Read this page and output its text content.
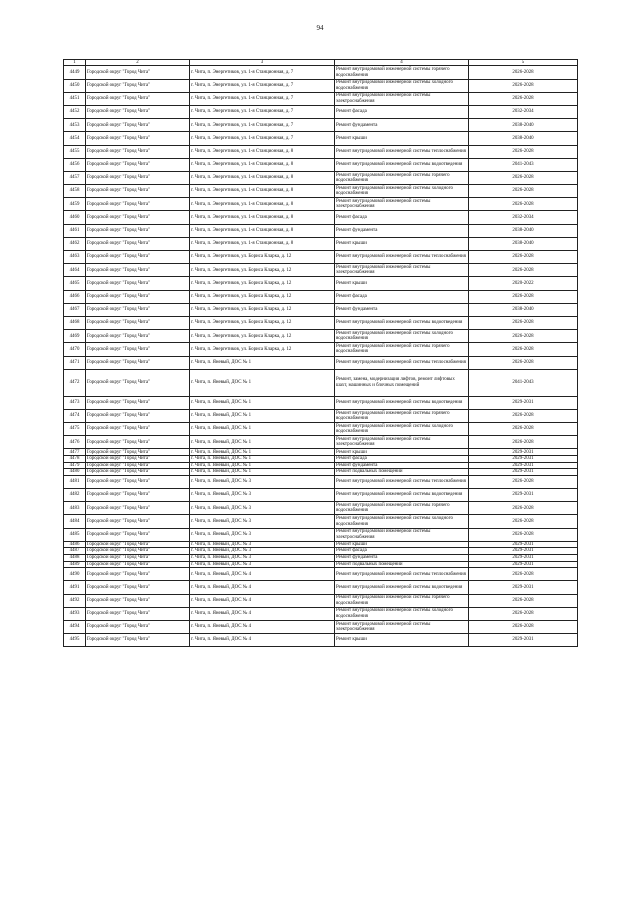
94
1	2	3	4	5
4449	Городской округ "Город Чита"	г. Чита, п. Энергетиков, ул. 1-я Станционная, д. 7	Ремонт внутридомовой инженерной системы горячего водоснабжения	2026-2028
4450	Городской округ "Город Чита"	г. Чита, п. Энергетиков, ул. 1-я Станционная, д. 7	Ремонт внутридомовой инженерной системы холодного водоснабжения	2026-2028
4451	Городской округ "Город Чита"	г. Чита, п. Энергетиков, ул. 1-я Станционная, д. 7	Ремонт внутридомовой инженерной системы электроснабжения	2026-2028
4452	Городской округ "Город Чита"	г. Чита, п. Энергетиков, ул. 1-я Станционная, д. 7	Ремонт фасада	2032-2034
4453	Городской округ "Город Чита"	г. Чита, п. Энергетиков, ул. 1-я Станционная, д. 7	Ремонт фундамента	2038-2040
4454	Городской округ "Город Чита"	г. Чита, п. Энергетиков, ул. 1-я Станционная, д. 7	Ремонт крыши	2038-2040
4455	Городской округ "Город Чита"	г. Чита, п. Энергетиков, ул. 1-я Станционная, д. 8	Ремонт внутридомовой инженерной системы теплоснабжения	2026-2028
4456	Городской округ "Город Чита"	г. Чита, п. Энергетиков, ул. 1-я Станционная, д. 8	Ремонт внутридомовой инженерной системы водоотведения	2041-2043
4457	Городской округ "Город Чита"	г. Чита, п. Энергетиков, ул. 1-я Станционная, д. 8	Ремонт внутридомовой инженерной системы горячего водоснабжения	2026-2028
4458	Городской округ "Город Чита"	г. Чита, п. Энергетиков, ул. 1-я Станционная, д. 8	Ремонт внутридомовой инженерной системы холодного водоснабжения	2026-2028
4459	Городской округ "Город Чита"	г. Чита, п. Энергетиков, ул. 1-я Станционная, д. 8	Ремонт внутридомовой инженерной системы электроснабжения	2026-2028
4460	Городской округ "Город Чита"	г. Чита, п. Энергетиков, ул. 1-я Станционная, д. 8	Ремонт фасада	2032-2034
4461	Городской округ "Город Чита"	г. Чита, п. Энергетиков, ул. 1-я Станционная, д. 8	Ремонт фундамента	2038-2040
4462	Городской округ "Город Чита"	г. Чита, п. Энергетиков, ул. 1-я Станционная, д. 8	Ремонт крыши	2038-2040
4463	Городской округ "Город Чита"	г. Чита, п. Энергетиков, ул. Бориса Кларка, д. 12	Ремонт внутридомовой инженерной системы теплоснабжения	2026-2028
4464	Городской округ "Город Чита"	г. Чита, п. Энергетиков, ул. Бориса Кларка, д. 12	Ремонт внутридомовой инженерной системы электроснабжения	2026-2028
4465	Городской округ "Город Чита"	г. Чита, п. Энергетиков, ул. Бориса Кларка, д. 12	Ремонт крыши	2020-2022
4466	Городской округ "Город Чита"	г. Чита, п. Энергетиков, ул. Бориса Кларка, д. 12	Ремонт фасада	2026-2028
4467	Городской округ "Город Чита"	г. Чита, п. Энергетиков, ул. Бориса Кларка, д. 12	Ремонт фундамента	2038-2040
4468	Городской округ "Город Чита"	г. Чита, п. Энергетиков, ул. Бориса Кларка, д. 12	Ремонт внутридомовой инженерной системы водоотведения	2026-2028
4469	Городской округ "Город Чита"	г. Чита, п. Энергетиков, ул. Бориса Кларка, д. 12	Ремонт внутридомовой инженерной системы холодного водоснабжения	2026-2028
4470	Городской округ "Город Чита"	г. Чита, п. Энергетиков, ул. Бориса Кларка, д. 12	Ремонт внутридомовой инженерной системы горячего водоснабжения	2026-2028
4471	Городской округ "Город Чита"	г. Чита, п. Яневый, ДОС № 1	Ремонт внутридомовой инженерной системы теплоснабжения	2026-2028
4472	Городской округ "Город Чита"	г. Чита, п. Яневый, ДОС № 1	Ремонт, замена, модернизация лифтов, ремонт лифтовых шахт, машинных и блочных помещений	2041-2043
4473	Городской округ "Город Чита"	г. Чита, п. Яневый, ДОС № 1	Ремонт внутридомовой инженерной системы водоотведения	2029-2031
4474	Городской округ "Город Чита"	г. Чита, п. Яневый, ДОС № 1	Ремонт внутридомовой инженерной системы горячего водоснабжения	2026-2028
4475	Городской округ "Город Чита"	г. Чита, п. Яневый, ДОС № 1	Ремонт внутридомовой инженерной системы холодного водоснабжения	2026-2028
4476	Городской округ "Город Чита"	г. Чита, п. Яневый, ДОС № 1	Ремонт внутридомовой инженерной системы электроснабжения	2026-2028
4477	Городской округ "Город Чита"	г. Чита, п. Яневый, ДОС № 1	Ремонт крыши	2029-2031
4478	Городской округ "Город Чита"	г. Чита, п. Яневый, ДОС № 1	Ремонт фасада	2029-2031
4479	Городской округ "Город Чита"	г. Чита, п. Яневый, ДОС № 1	Ремонт фундамента	2029-2031
4480	Городской округ "Город Чита"	г. Чита, п. Яневый, ДОС № 1	Ремонт подвальных помещений	2029-2031
4481	Городской округ "Город Чита"	г. Чита, п. Яневый, ДОС № 3	Ремонт внутридомовой инженерной системы теплоснабжения	2026-2028
4482	Городской округ "Город Чита"	г. Чита, п. Яневый, ДОС № 3	Ремонт внутридомовой инженерной системы водоотведения	2029-2031
4483	Городской округ "Город Чита"	г. Чита, п. Яневый, ДОС № 3	Ремонт внутридомовой инженерной системы горячего водоснабжения	2026-2028
4484	Городской округ "Город Чита"	г. Чита, п. Яневый, ДОС № 3	Ремонт внутридомовой инженерной системы холодного водоснабжения	2026-2028
4485	Городской округ "Город Чита"	г. Чита, п. Яневый, ДОС № 3	Ремонт внутридомовой инженерной системы электроснабжения	2026-2028
4486	Городской округ "Город Чита"	г. Чита, п. Яневый, ДОС № 3	Ремонт крыши	2029-2031
4487	Городской округ "Город Чита"	г. Чита, п. Яневый, ДОС № 3	Ремонт фасада	2029-2031
4488	Городской округ "Город Чита"	г. Чита, п. Яневый, ДОС № 3	Ремонт фундамента	2029-2031
4489	Городской округ "Город Чита"	г. Чита, п. Яневый, ДОС № 3	Ремонт подвальных помещений	2029-2031
4490	Городской округ "Город Чита"	г. Чита, п. Яневый, ДОС № 4	Ремонт внутридомовой инженерной системы теплоснабжения	2026-2028
4491	Городской округ "Город Чита"	г. Чита, п. Яневый, ДОС № 4	Ремонт внутридомовой инженерной системы водоотведения	2029-2031
4492	Городской округ "Город Чита"	г. Чита, п. Яневый, ДОС № 4	Ремонт внутридомовой инженерной системы горячего водоснабжения	2026-2028
4493	Городской округ "Город Чита"	г. Чита, п. Яневый, ДОС № 4	Ремонт внутридомовой инженерной системы холодного водоснабжения	2026-2028
4494	Городской округ "Город Чита"	г. Чита, п. Яневый, ДОС № 4	Ремонт внутридомовой инженерной системы электроснабжения	2026-2028
4495	Городской округ "Город Чита"	г. Чита, п. Яневый, ДОС № 4	Ремонт крыши	2029-2031
